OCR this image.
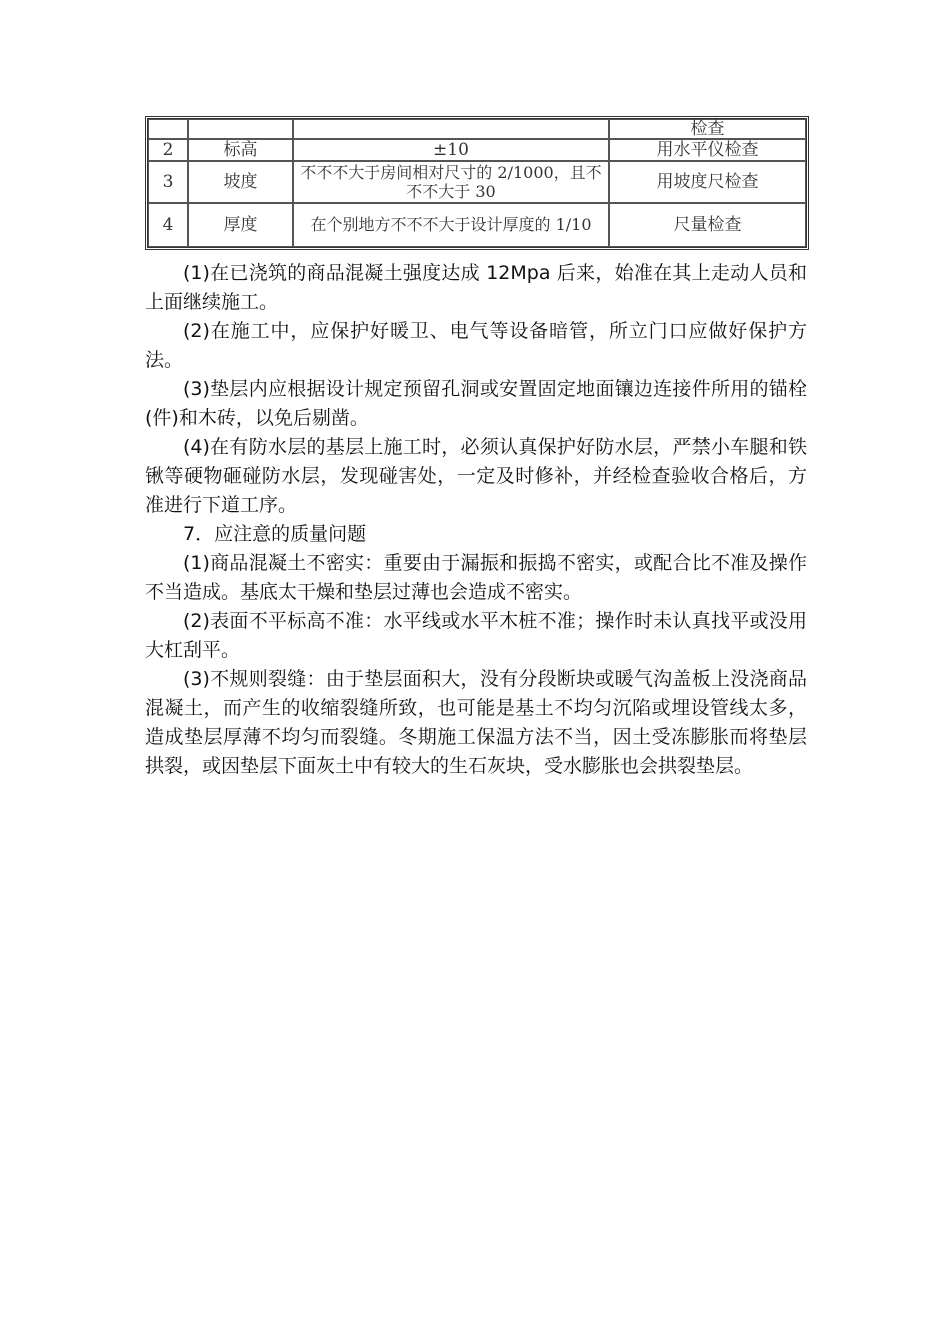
			检查
2	标高	±10	用水平仪检查
3	坡度	不不不大于房间相对尺寸的 2/1000，且不不不大于 30	用坡度尺检查
4	厚度	在个别地方不不不大于设计厚度的 1/10	尺量检查

(1)在已浇筑的商品混凝土强度达成 12Mpa 后来，始准在其上走动人员和上面继续施工。

(2)在施工中，应保护好暖卫、电气等设备暗管，所立门口应做好保护方法。

(3)垫层内应根据设计规定预留孔洞或安置固定地面镶边连接件所用的锚栓(件)和木砖，以免后剔凿。

(4)在有防水层的基层上施工时，必须认真保护好防水层，严禁小车腿和铁锹等硬物砸碰防水层，发现碰害处，一定及时修补，并经检查验收合格后，方准进行下道工序。

7．应注意的质量问题

(1)商品混凝土不密实：重要由于漏振和振捣不密实，或配合比不准及操作不当造成。基底太干燥和垫层过薄也会造成不密实。

(2)表面不平标高不准：水平线或水平木桩不准；操作时未认真找平或没用大杠刮平。

(3)不规则裂缝：由于垫层面积大，没有分段断块或暖气沟盖板上没浇商品混凝土，而产生的收缩裂缝所致，也可能是基土不均匀沉陷或埋设管线太多，造成垫层厚薄不均匀而裂缝。冬期施工保温方法不当，因土受冻膨胀而将垫层拱裂，或因垫层下面灰土中有较大的生石灰块，受水膨胀也会拱裂垫层。
